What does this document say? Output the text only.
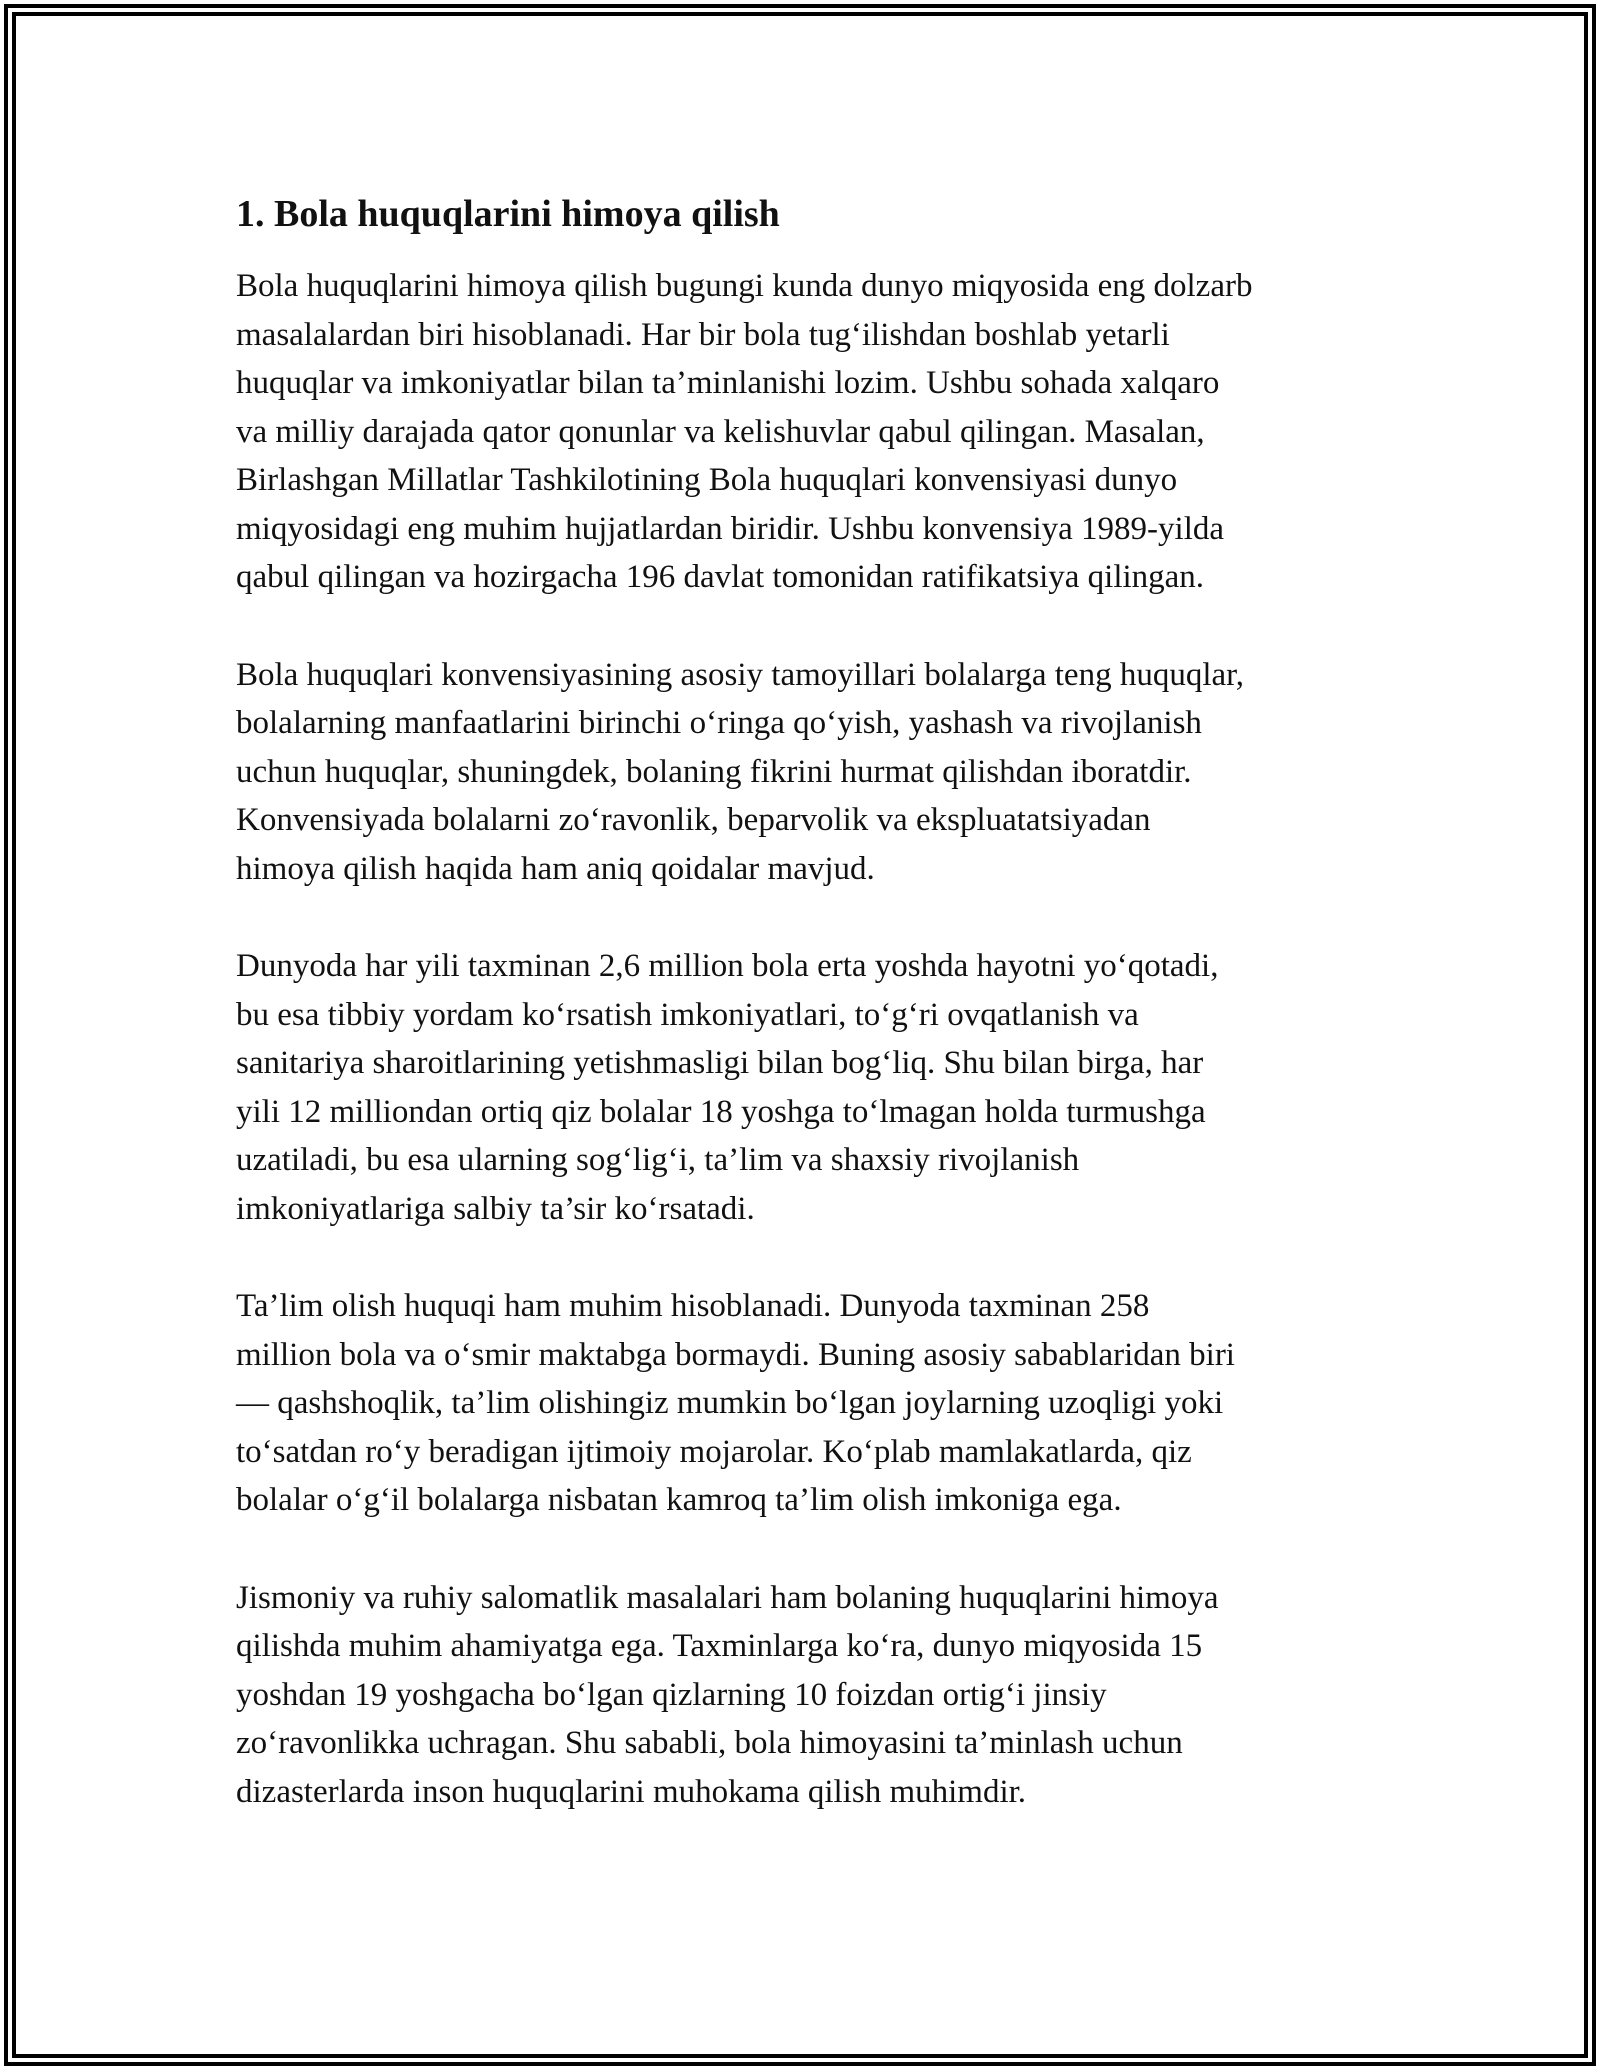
1. Bola huquqlarini himoya qilish

Bola huquqlarini himoya qilish bugungi kunda dunyo miqyosida eng dolzarb
masalalardan biri hisoblanadi. Har bir bola tug‘ilishdan boshlab yetarli
huquqlar va imkoniyatlar bilan ta’minlanishi lozim. Ushbu sohada xalqaro
va milliy darajada qator qonunlar va kelishuvlar qabul qilingan. Masalan,
Birlashgan Millatlar Tashkilotining Bola huquqlari konvensiyasi dunyo
miqyosidagi eng muhim hujjatlardan biridir. Ushbu konvensiya 1989-yilda
qabul qilingan va hozirgacha 196 davlat tomonidan ratifikatsiya qilingan.

Bola huquqlari konvensiyasining asosiy tamoyillari bolalarga teng huquqlar,
bolalarning manfaatlarini birinchi o‘ringa qo‘yish, yashash va rivojlanish
uchun huquqlar, shuningdek, bolaning fikrini hurmat qilishdan iboratdir.
Konvensiyada bolalarni zo‘ravonlik, beparvolik va ekspluatatsiyadan
himoya qilish haqida ham aniq qoidalar mavjud.

Dunyoda har yili taxminan 2,6 million bola erta yoshda hayotni yo‘qotadi,
bu esa tibbiy yordam ko‘rsatish imkoniyatlari, to‘g‘ri ovqatlanish va
sanitariya sharoitlarining yetishmasligi bilan bog‘liq. Shu bilan birga, har
yili 12 milliondan ortiq qiz bolalar 18 yoshga to‘lmagan holda turmushga
uzatiladi, bu esa ularning sog‘lig‘i, ta’lim va shaxsiy rivojlanish
imkoniyatlariga salbiy ta’sir ko‘rsatadi.

Ta’lim olish huquqi ham muhim hisoblanadi. Dunyoda taxminan 258
million bola va o‘smir maktabga bormaydi. Buning asosiy sabablaridan biri
— qashshoqlik, ta’lim olishingiz mumkin bo‘lgan joylarning uzoqligi yoki
to‘satdan ro‘y beradigan ijtimoiy mojarolar. Ko‘plab mamlakatlarda, qiz
bolalar o‘g‘il bolalarga nisbatan kamroq ta’lim olish imkoniga ega.

Jismoniy va ruhiy salomatlik masalalari ham bolaning huquqlarini himoya
qilishda muhim ahamiyatga ega. Taxminlarga ko‘ra, dunyo miqyosida 15
yoshdan 19 yoshgacha bo‘lgan qizlarning 10 foizdan ortig‘i jinsiy
zo‘ravonlikka uchragan. Shu sababli, bola himoyasini ta’minlash uchun
dizasterlarda inson huquqlarini muhokama qilish muhimdir.
